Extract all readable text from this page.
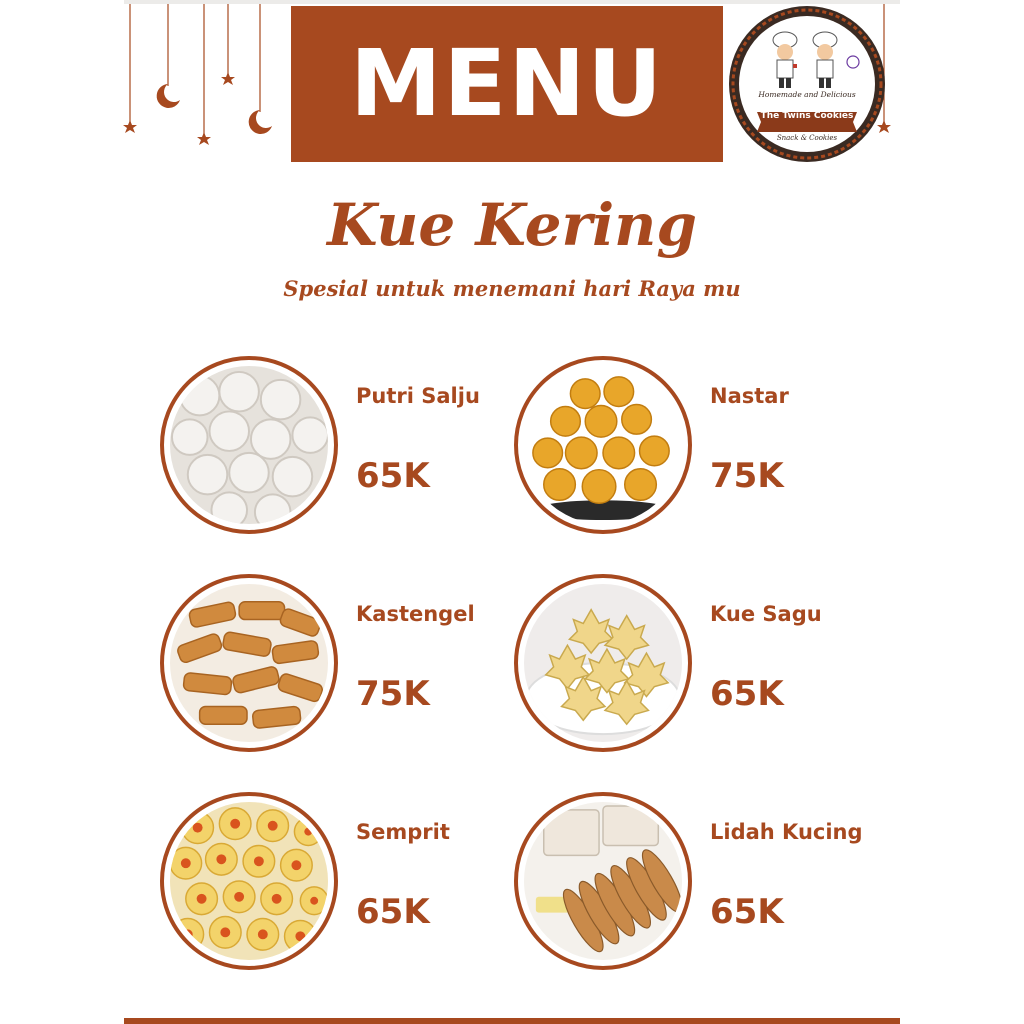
MENU	Homemade and Delicious
The Twins Cookies
Snack & Cookies
Kue Kering
Spesial untuk menemani hari Raya mu
Putri Salju
65K
Nastar
75K
Kastengel
75K
Kue Sagu
65K
Semprit
65K
Lidah Kucing
65K
